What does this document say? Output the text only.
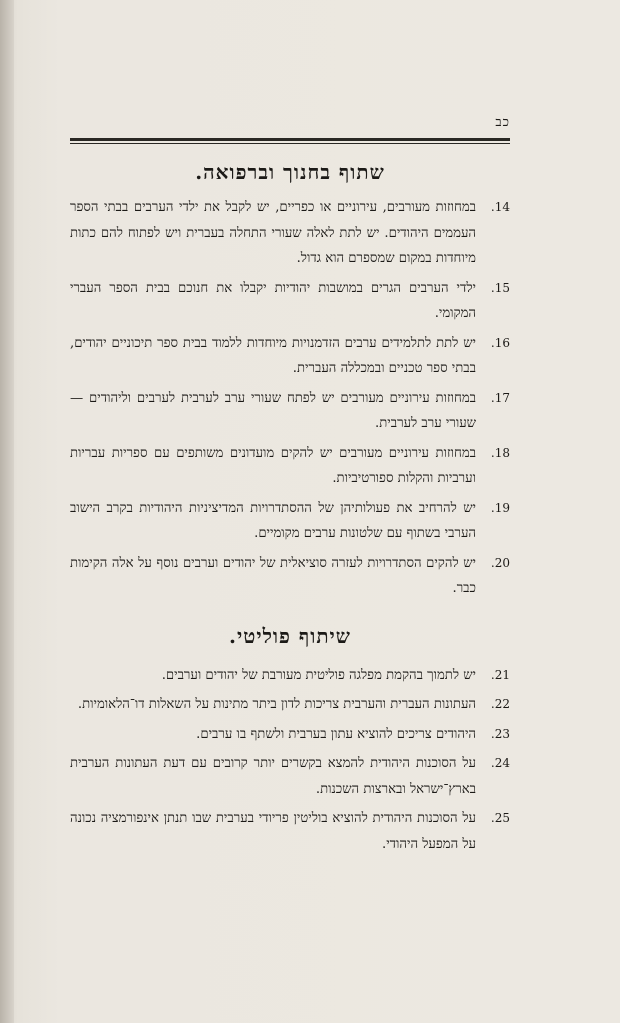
כב
שתוף בחנוך וברפואה.
14.
במחוזות מעורבים, עירוניים או כפריים, יש לקבל את ילדי הערבים בבתי הספר העממים היהודים. יש לתת לאלה שעורי התחלה בעברית ויש לפתוח להם כתות מיוחדות במקום שמספרם הוא גדול.
15.
ילדי הערבים הגרים במושבות יהודיות יקבלו את חנוכם בבית הספר העברי המקומי.
16.
יש לתת לתלמידים ערבים הזדמנויות מיוחדות ללמוד בבית ספר תיכוניים יהודים, בבתי ספר טכניים ובמכללה העברית.
17.
במחוזות עירוניים מעורבים יש לפתח שעורי ערב לערבית לערבים וליהודים — שעורי ערב לערבית.
18.
במחוזות עירוניים מעורבים יש להקים מועדונים משותפים עם ספריות עבריות וערביות והקלות ספורטיביות.
19.
יש להרחיב את פעולותיהן של ההסתדרויות המדיציניות היהודיות בקרב הישוב הערבי בשתוף עם שלטונות ערבים מקומיים.
20.
יש להקים הסתדרויות לעזרה סוציאלית של יהודים וערבים נוסף על אלה הקימות כבר.
שיתוף פוליטי.
21.
יש לתמוך בהקמת מפלגה פוליטית מעורבת של יהודים וערבים.
22.
העתונות העברית והערבית צריכות לדון ביתר מתינות על השאלות דו־הלאומיות.
23.
היהודים צריכים להוציא עתון בערבית ולשתף בו ערבים.
24.
על הסוכנות היהודית להמצא בקשרים יותר קרובים עם דעת העתונות הערבית בארץ־ישראל ובארצות השכנות.
25.
על הסוכנות היהודית להוציא בוליטין פריודי בערבית שבו תנתן אינפורמציה נכונה על המפעל היהודי.
